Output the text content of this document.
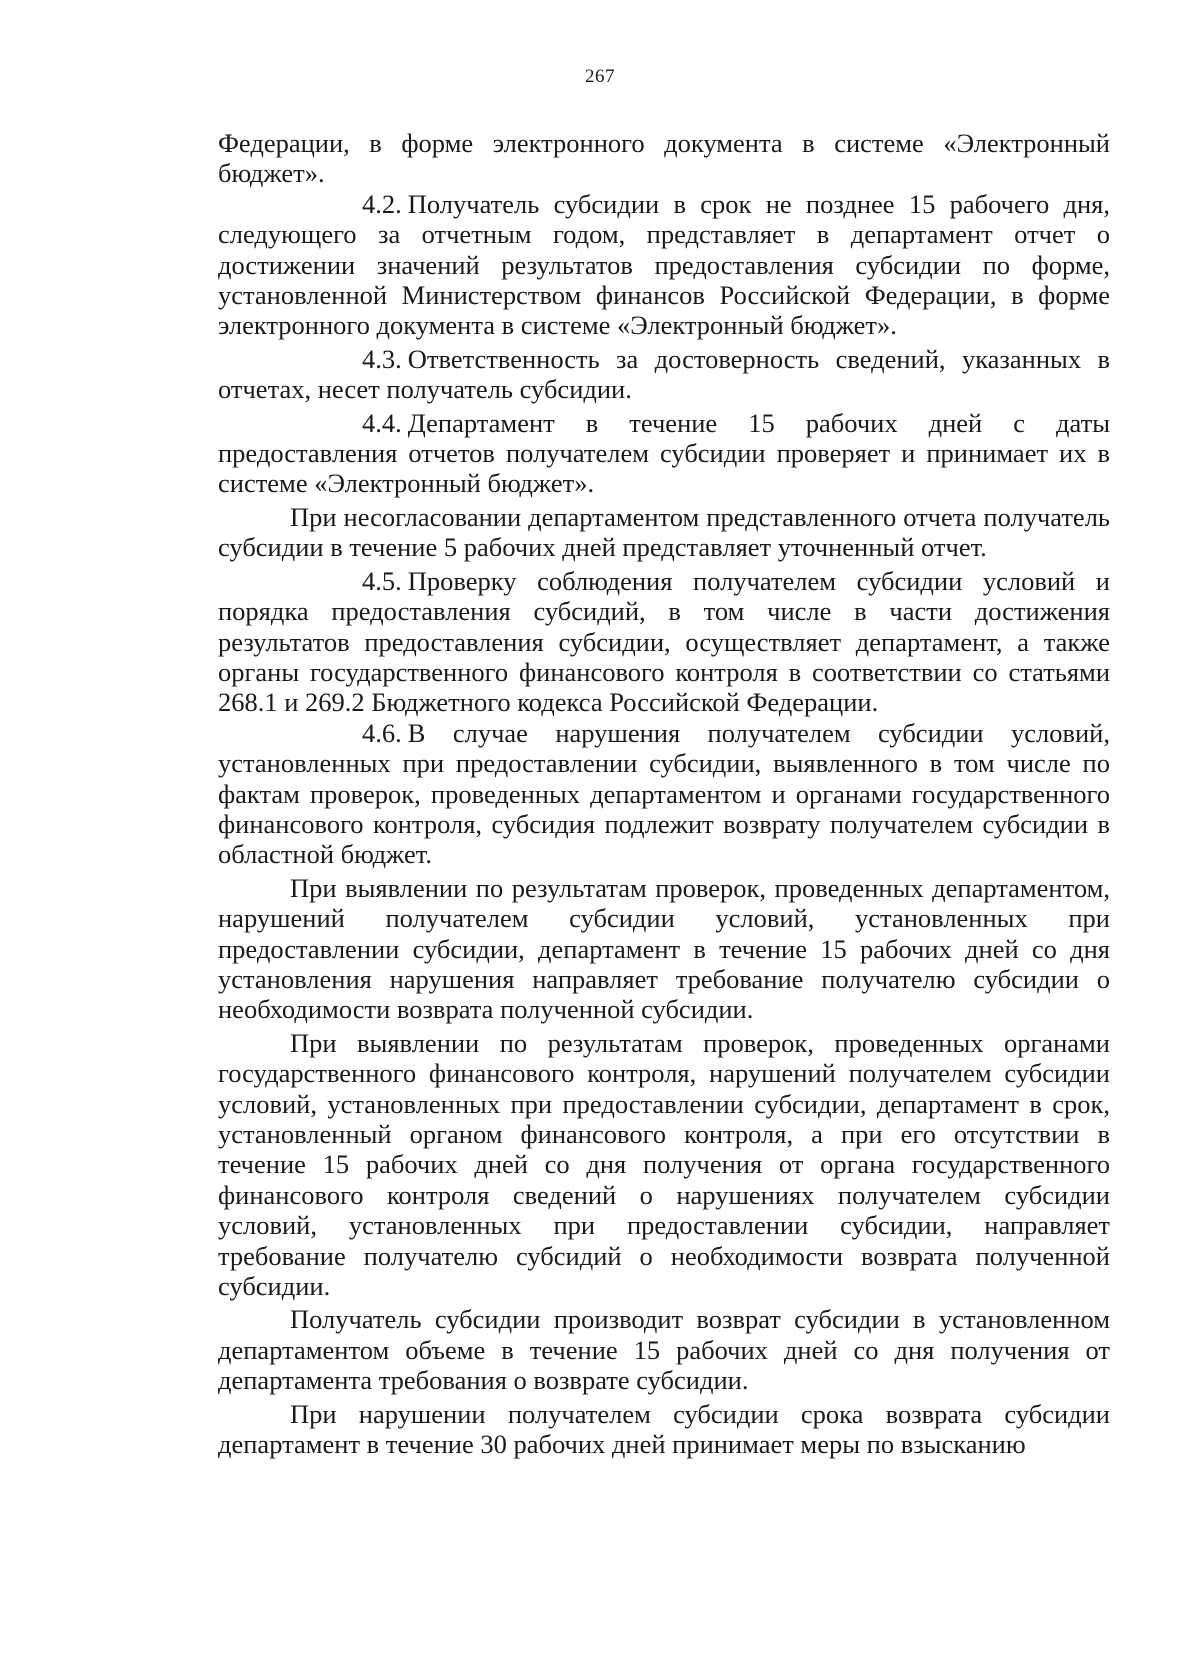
267

Федерации, в форме электронного документа в системе «Электронный бюджет».

4.2. Получатель субсидии в срок не позднее 15 рабочего дня, следующего за отчетным годом, представляет в департамент отчет о достижении значений результатов предоставления субсидии по форме, установленной Министерством финансов Российской Федерации, в форме электронного документа в системе «Электронный бюджет».

4.3. Ответственность за достоверность сведений, указанных в отчетах, несет получатель субсидии.

4.4. Департамент в течение 15 рабочих дней с даты предоставления отчетов получателем субсидии проверяет и принимает их в системе «Электронный бюджет».

При несогласовании департаментом представленного отчета получатель субсидии в течение 5 рабочих дней представляет уточненный отчет.

4.5. Проверку соблюдения получателем субсидии условий и порядка предоставления субсидий, в том числе в части достижения результатов предоставления субсидии, осуществляет департамент, а также органы государственного финансового контроля в соответствии со статьями 268.1 и 269.2 Бюджетного кодекса Российской Федерации.

4.6. В случае нарушения получателем субсидии условий, установленных при предоставлении субсидии, выявленного в том числе по фактам проверок, проведенных департаментом и органами государственного финансового контроля, субсидия подлежит возврату получателем субсидии в областной бюджет.

При выявлении по результатам проверок, проведенных департаментом, нарушений получателем субсидии условий, установленных при предоставлении субсидии, департамент в течение 15 рабочих дней со дня установления нарушения направляет требование получателю субсидии о необходимости возврата полученной субсидии.

При выявлении по результатам проверок, проведенных органами государственного финансового контроля, нарушений получателем субсидии условий, установленных при предоставлении субсидии, департамент в срок, установленный органом финансового контроля, а при его отсутствии в течение 15 рабочих дней со дня получения от органа государственного финансового контроля сведений о нарушениях получателем субсидии условий, установленных при предоставлении субсидии, направляет требование получателю субсидий о необходимости возврата полученной субсидии.

Получатель субсидии производит возврат субсидии в установленном департаментом объеме в течение 15 рабочих дней со дня получения от департамента требования о возврате субсидии.

При нарушении получателем субсидии срока возврата субсидии департамент в течение 30 рабочих дней принимает меры по взысканию
